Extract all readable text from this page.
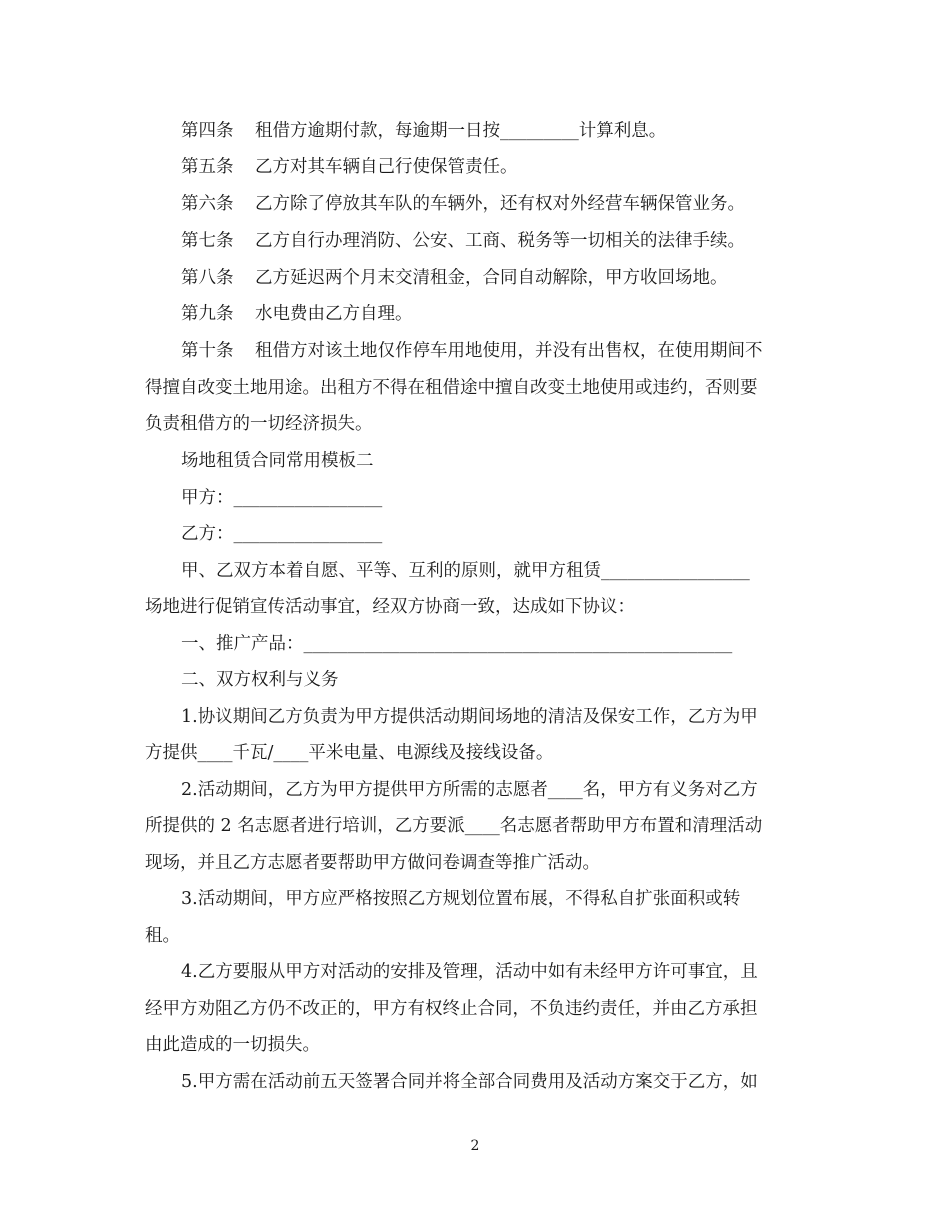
第四条 租借方逾期付款，每逾期一日按_________计算利息。
第五条 乙方对其车辆自己行使保管责任。
第六条 乙方除了停放其车队的车辆外，还有权对外经营车辆保管业务。
第七条 乙方自行办理消防、公安、工商、税务等一切相关的法律手续。
第八条 乙方延迟两个月末交清租金，合同自动解除，甲方收回场地。
第九条 水电费由乙方自理。
第十条 租借方对该土地仅作停车用地使用，并没有出售权，在使用期间不
得擅自改变土地用途。出租方不得在租借途中擅自改变土地使用或违约，否则要
负责租借方的一切经济损失。
场地租赁合同常用模板二
甲方：_________________
乙方：_________________
甲、乙双方本着自愿、平等、互利的原则，就甲方租赁_________________
场地进行促销宣传活动事宜，经双方协商一致，达成如下协议：
一、推广产品：_________________________________________________
二、双方权利与义务
1.协议期间乙方负责为甲方提供活动期间场地的清洁及保安工作，乙方为甲
方提供____千瓦/____平米电量、电源线及接线设备。
2.活动期间，乙方为甲方提供甲方所需的志愿者____名，甲方有义务对乙方
所提供的 2 名志愿者进行培训，乙方要派____名志愿者帮助甲方布置和清理活动
现场，并且乙方志愿者要帮助甲方做问卷调查等推广活动。
3.活动期间，甲方应严格按照乙方规划位置布展，不得私自扩张面积或转
租。
4.乙方要服从甲方对活动的安排及管理，活动中如有未经甲方许可事宜，且
经甲方劝阻乙方仍不改正的，甲方有权终止合同，不负违约责任，并由乙方承担
由此造成的一切损失。
5.甲方需在活动前五天签署合同并将全部合同费用及活动方案交于乙方，如
2
